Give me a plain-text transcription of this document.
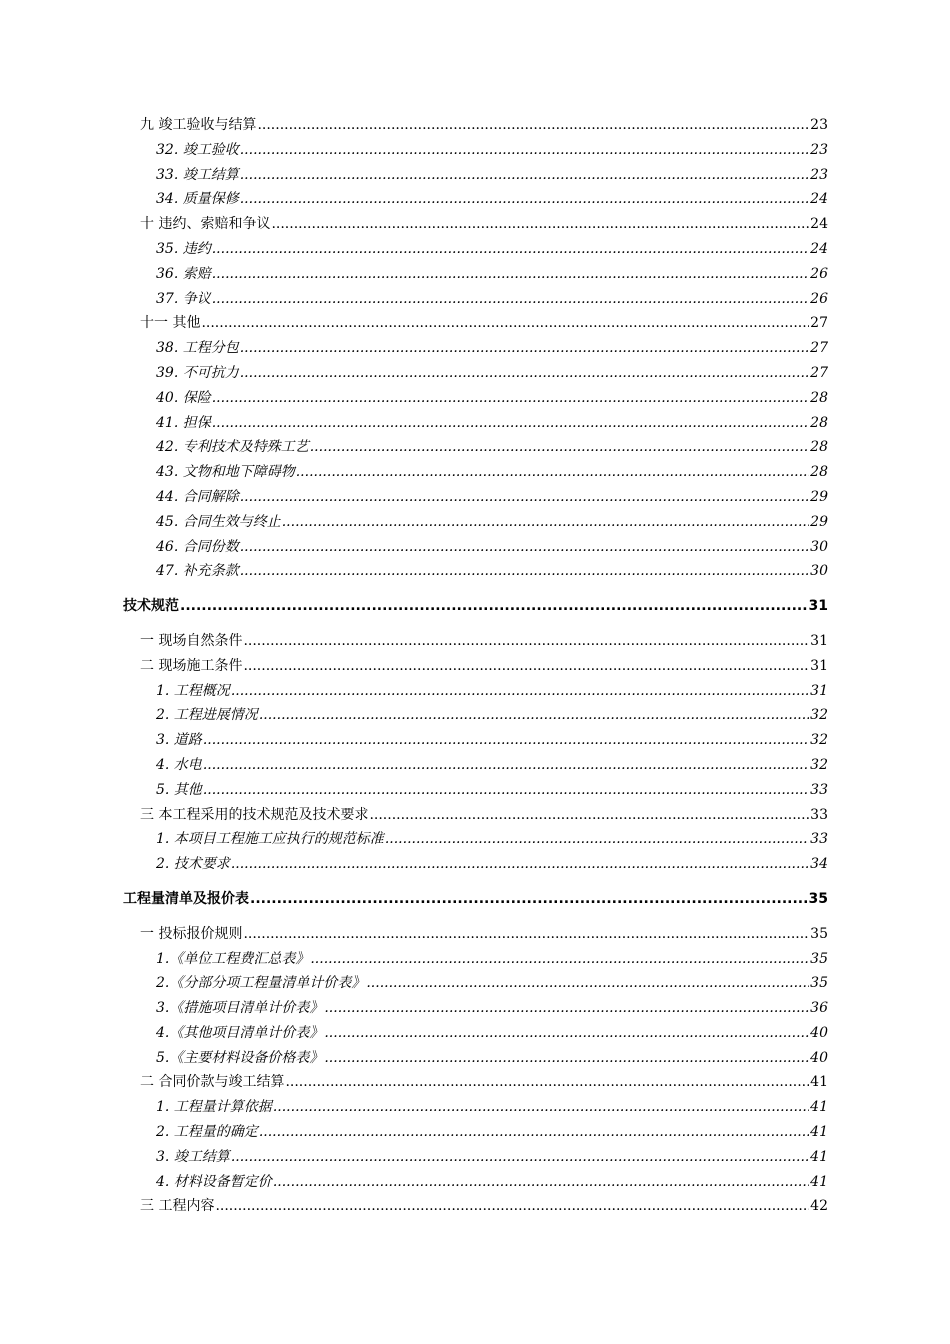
九 竣工验收与结算 .....	23
32. 竣工验收 .....	23
33. 竣工结算 .....	23
34. 质量保修 .....	24
十 违约、索赔和争议 .....	24
35. 违约 .....	24
36. 索赔 .....	26
37. 争议 .....	26
十一 其他 .....	27
38. 工程分包 .....	27
39. 不可抗力 .....	27
40. 保险 .....	28
41. 担保 .....	28
42. 专利技术及特殊工艺 .....	28
43. 文物和地下障碍物 .....	28
44. 合同解除 .....	29
45. 合同生效与终止 .....	29
46. 合同份数 .....	30
47. 补充条款 .....	30
技术规范 .....	31
一 现场自然条件 .....	31
二 现场施工条件 .....	31
1. 工程概况 .....	31
2. 工程进展情况 .....	32
3. 道路 .....	32
4. 水电 .....	32
5. 其他 .....	33
三 本工程采用的技术规范及技术要求 .....	33
1. 本项目工程施工应执行的规范标准 .....	33
2. 技术要求 .....	34
工程量清单及报价表 .....	35
一 投标报价规则 .....	35
1.《单位工程费汇总表》 .....	35
2.《分部分项工程量清单计价表》 .....	35
3.《措施项目清单计价表》 .....	36
4.《其他项目清单计价表》 .....	40
5.《主要材料设备价格表》 .....	40
二 合同价款与竣工结算 .....	41
1. 工程量计算依据 .....	41
2. 工程量的确定 .....	41
3. 竣工结算 .....	41
4. 材料设备暂定价 .....	41
三 工程内容 .....	42
